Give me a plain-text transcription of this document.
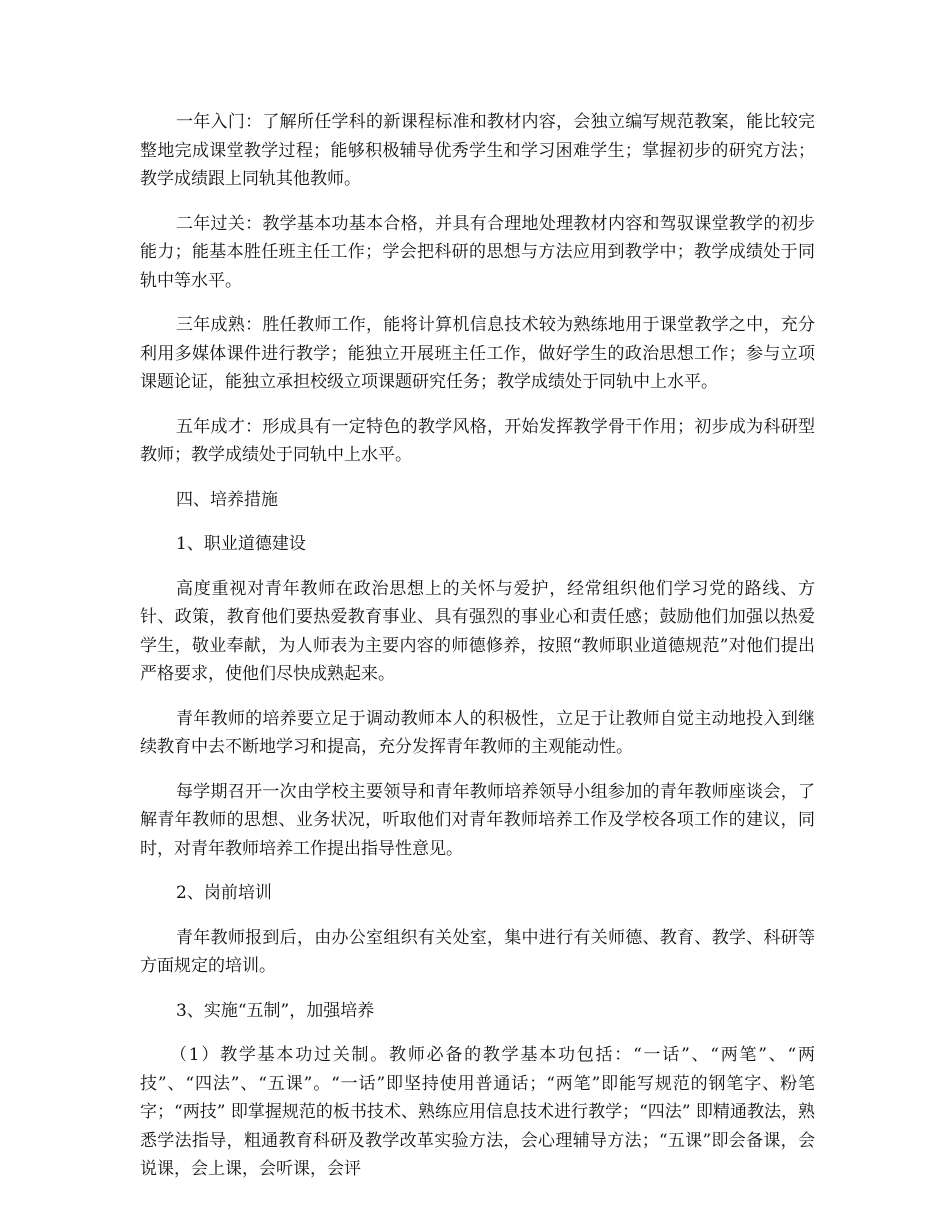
一年入门：了解所任学科的新课程标准和教材内容，会独立编写规范教案，能比较完整地完成课堂教学过程；能够积极辅导优秀学生和学习困难学生；掌握初步的研究方法；教学成绩跟上同轨其他教师。

二年过关：教学基本功基本合格，并具有合理地处理教材内容和驾驭课堂教学的初步能力；能基本胜任班主任工作；学会把科研的思想与方法应用到教学中；教学成绩处于同轨中等水平。

三年成熟：胜任教师工作，能将计算机信息技术较为熟练地用于课堂教学之中，充分利用多媒体课件进行教学；能独立开展班主任工作，做好学生的政治思想工作；参与立项课题论证，能独立承担校级立项课题研究任务；教学成绩处于同轨中上水平。

五年成才：形成具有一定特色的教学风格，开始发挥教学骨干作用；初步成为科研型教师；教学成绩处于同轨中上水平。

四、培养措施

1、职业道德建设

高度重视对青年教师在政治思想上的关怀与爱护，经常组织他们学习党的路线、方针、政策，教育他们要热爱教育事业、具有强烈的事业心和责任感；鼓励他们加强以热爱学生，敬业奉献，为人师表为主要内容的师德修养，按照“教师职业道德规范”对他们提出严格要求，使他们尽快成熟起来。

青年教师的培养要立足于调动教师本人的积极性，立足于让教师自觉主动地投入到继续教育中去不断地学习和提高，充分发挥青年教师的主观能动性。

每学期召开一次由学校主要领导和青年教师培养领导小组参加的青年教师座谈会，了解青年教师的思想、业务状况，听取他们对青年教师培养工作及学校各项工作的建议，同时，对青年教师培养工作提出指导性意见。

2、岗前培训

青年教师报到后，由办公室组织有关处室，集中进行有关师德、教育、教学、科研等方面规定的培训。

3、实施“五制”，加强培养

（1）教学基本功过关制。教师必备的教学基本功包括：“一话”、“两笔”、“两技”、“四法”、“五课”。“一话”即坚持使用普通话；“两笔”即能写规范的钢笔字、粉笔字；“两技” 即掌握规范的板书技术、熟练应用信息技术进行教学；“四法” 即精通教法，熟悉学法指导，粗通教育科研及教学改革实验方法，会心理辅导方法；“五课”即会备课，会说课，会上课，会听课，会评
